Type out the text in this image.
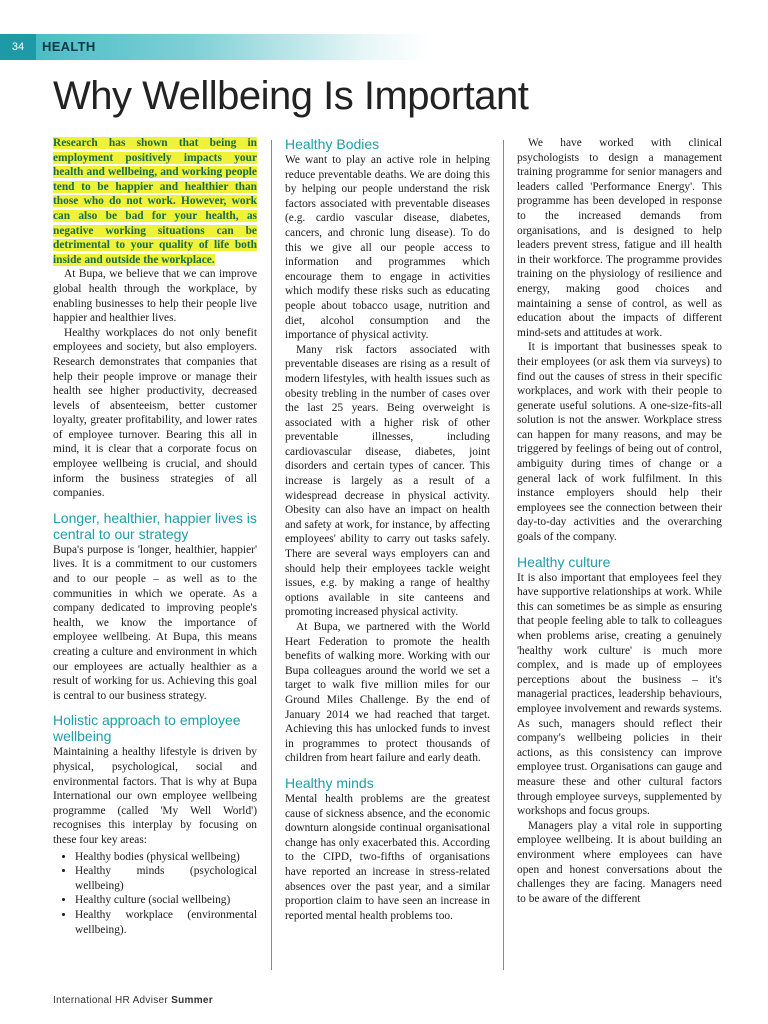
34	HEALTH
Why Wellbeing Is Important

Research has shown that being in employment positively impacts your health and wellbeing, and working people tend to be happier and healthier than those who do not work. However, work can also be bad for your health, as negative working situations can be detrimental to your quality of life both inside and outside the workplace.

At Bupa, we believe that we can improve global health through the workplace, by enabling businesses to help their people live happier and healthier lives.

Healthy workplaces do not only benefit employees and society, but also employers. Research demonstrates that companies that help their people improve or manage their health see higher productivity, decreased levels of absenteeism, better customer loyalty, greater profitability, and lower rates of employee turnover. Bearing this all in mind, it is clear that a corporate focus on employee wellbeing is crucial, and should inform the business strategies of all companies.

Longer, healthier, happier lives is central to our strategy

Bupa's purpose is 'longer, healthier, happier' lives. It is a commitment to our customers and to our people – as well as to the communities in which we operate. As a company dedicated to improving people's health, we know the importance of employee wellbeing. At Bupa, this means creating a culture and environment in which our employees are actually healthier as a result of working for us. Achieving this goal is central to our business strategy.

Holistic approach to employee wellbeing

Maintaining a healthy lifestyle is driven by physical, psychological, social and environmental factors. That is why at Bupa International our own employee wellbeing programme (called 'My Well World') recognises this interplay by focusing on these four key areas:

• Healthy bodies (physical wellbeing)
• Healthy minds (psychological wellbeing)
• Healthy culture (social wellbeing)
• Healthy workplace (environmental wellbeing).
Healthy Bodies

We want to play an active role in helping reduce preventable deaths. We are doing this by helping our people understand the risk factors associated with preventable diseases (e.g. cardio vascular disease, diabetes, cancers, and chronic lung disease). To do this we give all our people access to information and programmes which encourage them to engage in activities which modify these risks such as educating people about tobacco usage, nutrition and diet, alcohol consumption and the importance of physical activity.

Many risk factors associated with preventable diseases are rising as a result of modern lifestyles, with health issues such as obesity trebling in the number of cases over the last 25 years. Being overweight is associated with a higher risk of other preventable illnesses, including cardiovascular disease, diabetes, joint disorders and certain types of cancer. This increase is largely as a result of a widespread decrease in physical activity. Obesity can also have an impact on health and safety at work, for instance, by affecting employees' ability to carry out tasks safely. There are several ways employers can and should help their employees tackle weight issues, e.g. by making a range of healthy options available in site canteens and promoting increased physical activity.

At Bupa, we partnered with the World Heart Federation to promote the health benefits of walking more. Working with our Bupa colleagues around the world we set a target to walk five million miles for our Ground Miles Challenge. By the end of January 2014 we had reached that target. Achieving this has unlocked funds to invest in programmes to protect thousands of children from heart failure and early death.

Healthy minds

Mental health problems are the greatest cause of sickness absence, and the economic downturn alongside continual organisational change has only exacerbated this. According to the CIPD, two-fifths of organisations have reported an increase in stress-related absences over the past year, and a similar proportion claim to have seen an increase in reported mental health problems too.

We have worked with clinical psychologists to design a management training programme for senior managers and leaders called 'Performance Energy'. This programme has been developed in response to the increased demands from organisations, and is designed to help leaders prevent stress, fatigue and ill health in their workforce. The programme provides training on the physiology of resilience and energy, making good choices and maintaining a sense of control, as well as education about the impacts of different mind-sets and attitudes at work.

It is important that businesses speak to their employees (or ask them via surveys) to find out the causes of stress in their specific workplaces, and work with their people to generate useful solutions. A one-size-fits-all solution is not the answer. Workplace stress can happen for many reasons, and may be triggered by feelings of being out of control, ambiguity during times of change or a general lack of work fulfilment. In this instance employers should help their employees see the connection between their day-to-day activities and the overarching goals of the company.

Healthy culture

It is also important that employees feel they have supportive relationships at work. While this can sometimes be as simple as ensuring that people feeling able to talk to colleagues when problems arise, creating a genuinely 'healthy work culture' is much more complex, and is made up of employees perceptions about the business – it's managerial practices, leadership behaviours, employee involvement and rewards systems. As such, managers should reflect their company's wellbeing policies in their actions, as this consistency can improve employee trust. Organisations can gauge and measure these and other cultural factors through employee surveys, supplemented by workshops and focus groups.

Managers play a vital role in supporting employee wellbeing. It is about building an environment where employees can have open and honest conversations about the challenges they are facing. Managers need to be aware of the different

International HR Adviser Summer
